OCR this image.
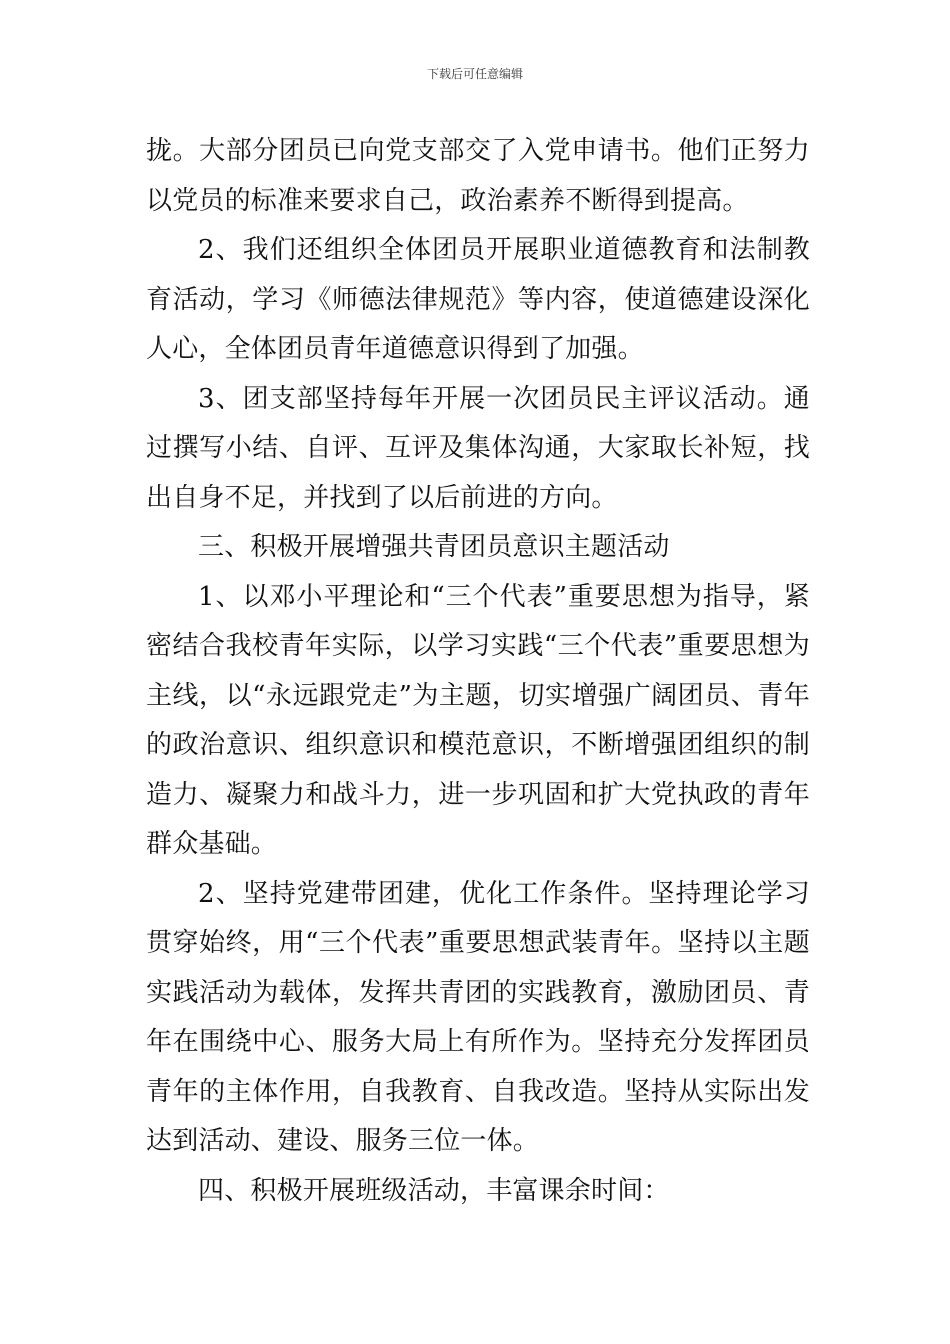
下载后可任意编辑

拢。大部分团员已向党支部交了入党申请书。他们正努力以党员的标准来要求自己，政治素养不断得到提高。

2、我们还组织全体团员开展职业道德教育和法制教育活动，学习《师德法律规范》等内容，使道德建设深化人心，全体团员青年道德意识得到了加强。

3、团支部坚持每年开展一次团员民主评议活动。通过撰写小结、自评、互评及集体沟通，大家取长补短，找出自身不足，并找到了以后前进的方向。

三、积极开展增强共青团员意识主题活动

1、以邓小平理论和“三个代表”重要思想为指导，紧密结合我校青年实际，以学习实践“三个代表”重要思想为主线，以“永远跟党走”为主题，切实增强广阔团员、青年的政治意识、组织意识和模范意识，不断增强团组织的制造力、凝聚力和战斗力，进一步巩固和扩大党执政的青年群众基础。

2、坚持党建带团建，优化工作条件。坚持理论学习贯穿始终，用“三个代表”重要思想武装青年。坚持以主题实践活动为载体，发挥共青团的实践教育，激励团员、青年在围绕中心、服务大局上有所作为。坚持充分发挥团员青年的主体作用，自我教育、自我改造。坚持从实际出发达到活动、建设、服务三位一体。

四、积极开展班级活动，丰富课余时间：
